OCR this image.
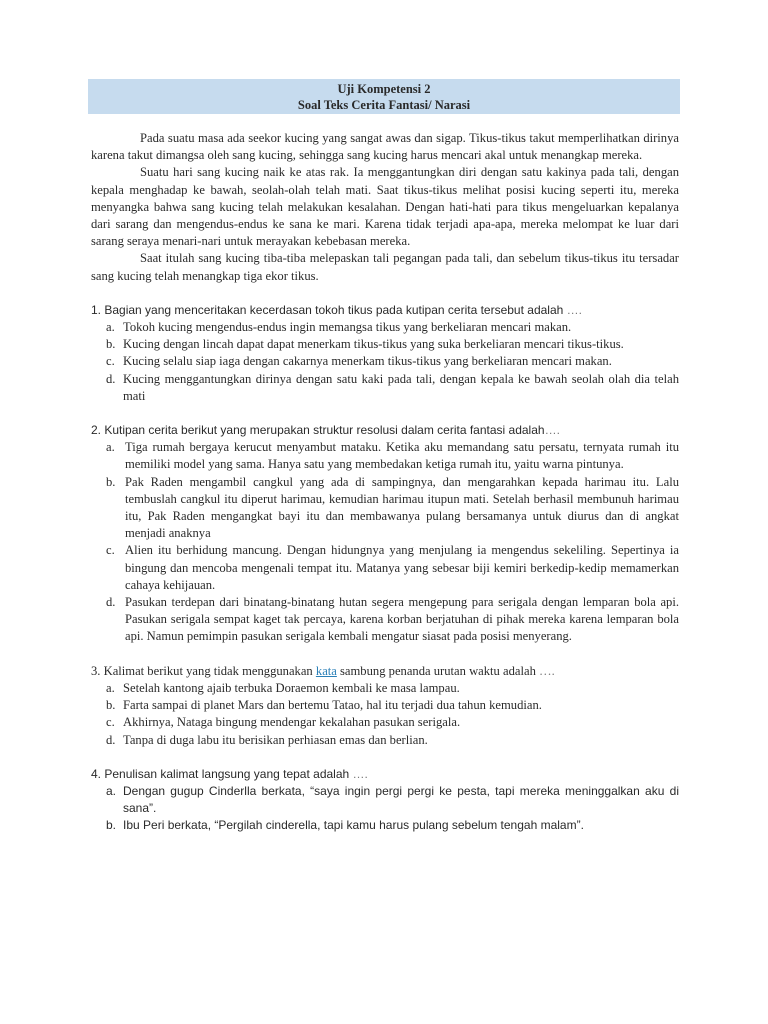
Uji Kompetensi 2
Soal Teks Cerita Fantasi/ Narasi

Pada suatu masa ada seekor kucing yang sangat awas dan sigap. Tikus-tikus takut memperlihatkan dirinya karena takut dimangsa oleh sang kucing, sehingga sang kucing harus mencari akal untuk menangkap mereka.

Suatu hari sang kucing naik ke atas rak. Ia menggantungkan diri dengan satu kakinya pada tali, dengan kepala menghadap ke bawah, seolah-olah telah mati. Saat tikus-tikus melihat posisi kucing seperti itu, mereka menyangka bahwa sang kucing telah melakukan kesalahan. Dengan hati-hati para tikus mengeluarkan kepalanya dari sarang dan mengendus-endus ke sana ke mari. Karena tidak terjadi apa-apa, mereka melompat ke luar dari sarang seraya menari-nari untuk merayakan kebebasan mereka.

Saat itulah sang kucing tiba-tiba melepaskan tali pegangan pada tali, dan sebelum tikus-tikus itu tersadar sang kucing telah menangkap tiga ekor tikus.

1. Bagian yang menceritakan kecerdasan tokoh tikus pada kutipan cerita tersebut adalah ….

a. Tokoh kucing mengendus-endus ingin memangsa tikus yang berkeliaran mencari makan.
b. Kucing dengan lincah dapat dapat menerkam tikus-tikus yang suka berkeliaran mencari tikus-tikus.
c. Kucing selalu siap iaga dengan cakarnya menerkam tikus-tikus yang berkeliaran mencari makan.
d. Kucing menggantungkan dirinya dengan satu kaki pada tali, dengan kepala ke bawah seolah olah dia telah mati

2. Kutipan cerita berikut yang merupakan struktur resolusi dalam cerita fantasi adalah….

a. Tiga rumah bergaya kerucut menyambut mataku. Ketika aku memandang satu persatu, ternyata rumah itu memiliki model yang sama. Hanya satu yang membedakan ketiga rumah itu, yaitu warna pintunya.
b. Pak Raden mengambil cangkul yang ada di sampingnya, dan mengarahkan kepada harimau itu. Lalu tembuslah cangkul itu diperut harimau, kemudian harimau itupun mati. Setelah berhasil membunuh harimau itu, Pak Raden mengangkat bayi itu dan membawanya pulang bersamanya untuk diurus dan di angkat menjadi anaknya
c. Alien itu berhidung mancung. Dengan hidungnya yang menjulang ia mengendus sekeliling. Sepertinya ia bingung dan mencoba mengenali tempat itu. Matanya yang sebesar biji kemiri berkedip-kedip memamerkan cahaya kehijauan.
d. Pasukan terdepan dari binatang-binatang hutan segera mengepung para serigala dengan lemparan bola api. Pasukan serigala sempat kaget tak percaya, karena korban berjatuhan di pihak mereka karena lemparan bola api. Namun pemimpin pasukan serigala kembali mengatur siasat pada posisi menyerang.

3. Kalimat berikut yang tidak menggunakan kata sambung penanda urutan waktu adalah ….

a. Setelah kantong ajaib terbuka Doraemon kembali ke masa lampau.
b. Farta sampai di planet Mars dan bertemu Tatao, hal itu terjadi dua tahun kemudian.
c. Akhirnya, Nataga bingung mendengar kekalahan pasukan serigala.
d. Tanpa di duga labu itu berisikan perhiasan emas dan berlian.

4. Penulisan kalimat langsung yang tepat adalah ….

a. Dengan gugup Cinderlla berkata, “saya ingin pergi pergi ke pesta, tapi mereka meninggalkan aku di sana”.
b. Ibu Peri berkata, “Pergilah cinderella, tapi kamu harus pulang sebelum tengah malam”.
